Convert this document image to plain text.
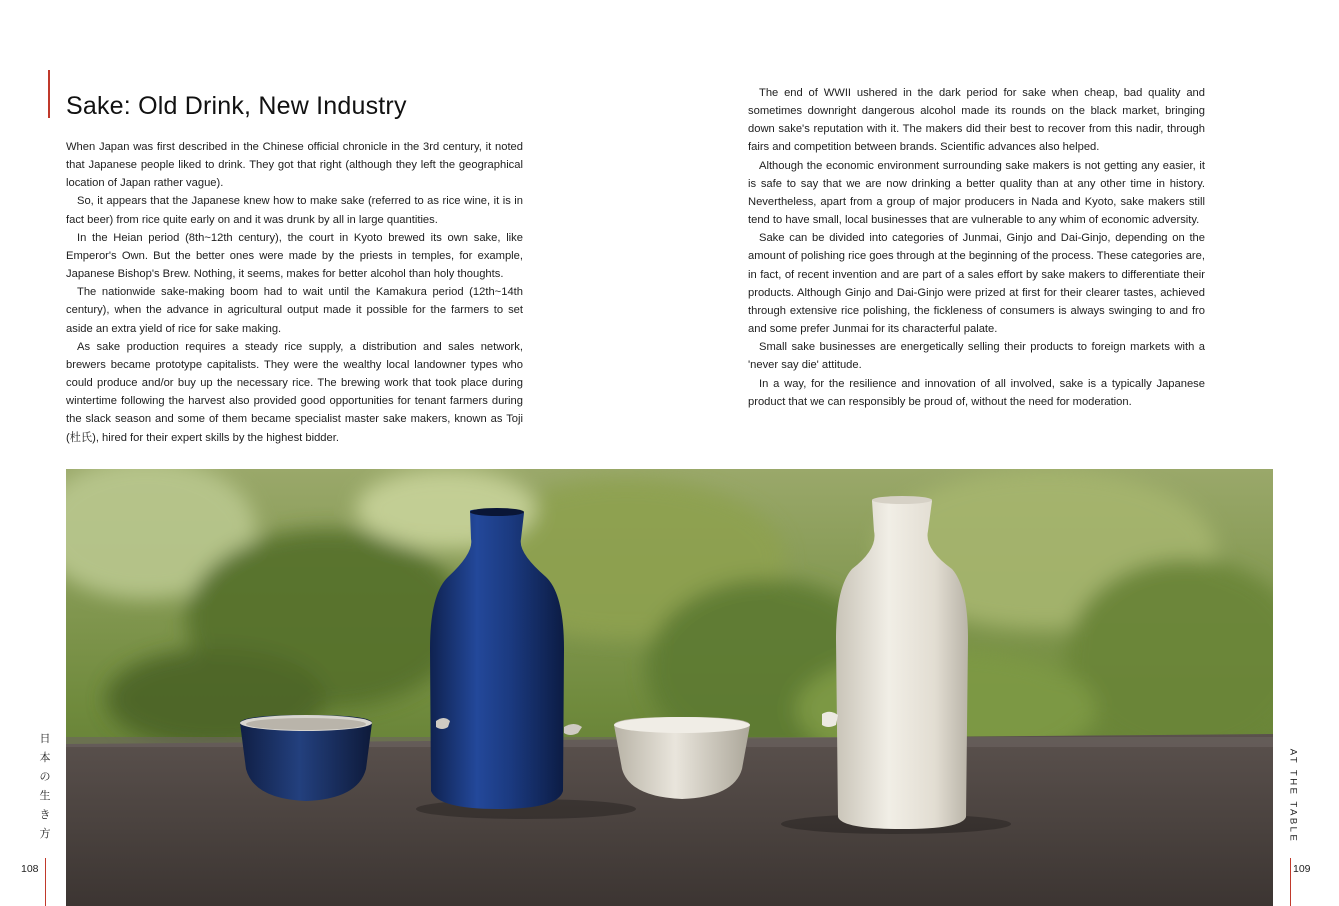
Sake: Old Drink, New Industry

When Japan was first described in the Chinese official chronicle in the 3rd century, it noted that Japanese people liked to drink. They got that right (although they left the geographical location of Japan rather vague).

So, it appears that the Japanese knew how to make sake (referred to as rice wine, it is in fact beer) from rice quite early on and it was drunk by all in large quantities.

In the Heian period (8th~12th century), the court in Kyoto brewed its own sake, like Emperor's Own. But the better ones were made by the priests in temples, for example, Japanese Bishop's Brew. Nothing, it seems, makes for better alcohol than holy thoughts.

The nationwide sake-making boom had to wait until the Kamakura period (12th~14th century), when the advance in agricultural output made it possible for the farmers to set aside an extra yield of rice for sake making.

As sake production requires a steady rice supply, a distribution and sales network, brewers became prototype capitalists. They were the wealthy local landowner types who could produce and/or buy up the necessary rice. The brewing work that took place during wintertime following the harvest also provided good opportunities for tenant farmers during the slack season and some of them became specialist master sake makers, known as Toji (杜氏), hired for their expert skills by the highest bidder.

The end of WWII ushered in the dark period for sake when cheap, bad quality and sometimes downright dangerous alcohol made its rounds on the black market, bringing down sake's reputation with it. The makers did their best to recover from this nadir, through fairs and competition between brands. Scientific advances also helped.

Although the economic environment surrounding sake makers is not getting any easier, it is safe to say that we are now drinking a better quality than at any other time in history. Nevertheless, apart from a group of major producers in Nada and Kyoto, sake makers still tend to have small, local businesses that are vulnerable to any whim of economic adversity.

Sake can be divided into categories of Junmai, Ginjo and Dai-Ginjo, depending on the amount of polishing rice goes through at the beginning of the process. These categories are, in fact, of recent invention and are part of a sales effort by sake makers to differentiate their products. Although Ginjo and Dai-Ginjo were prized at first for their clearer tastes, achieved through extensive rice polishing, the fickleness of consumers is always swinging to and fro and some prefer Junmai for its characterful palate.

Small sake businesses are energetically selling their products to foreign markets with a 'never say die' attitude.

In a way, for the resilience and innovation of all involved, sake is a typically Japanese product that we can responsibly be proud of, without the need for moderation.

日
本
の
生
き
方	AT THE TABLE
108	109
